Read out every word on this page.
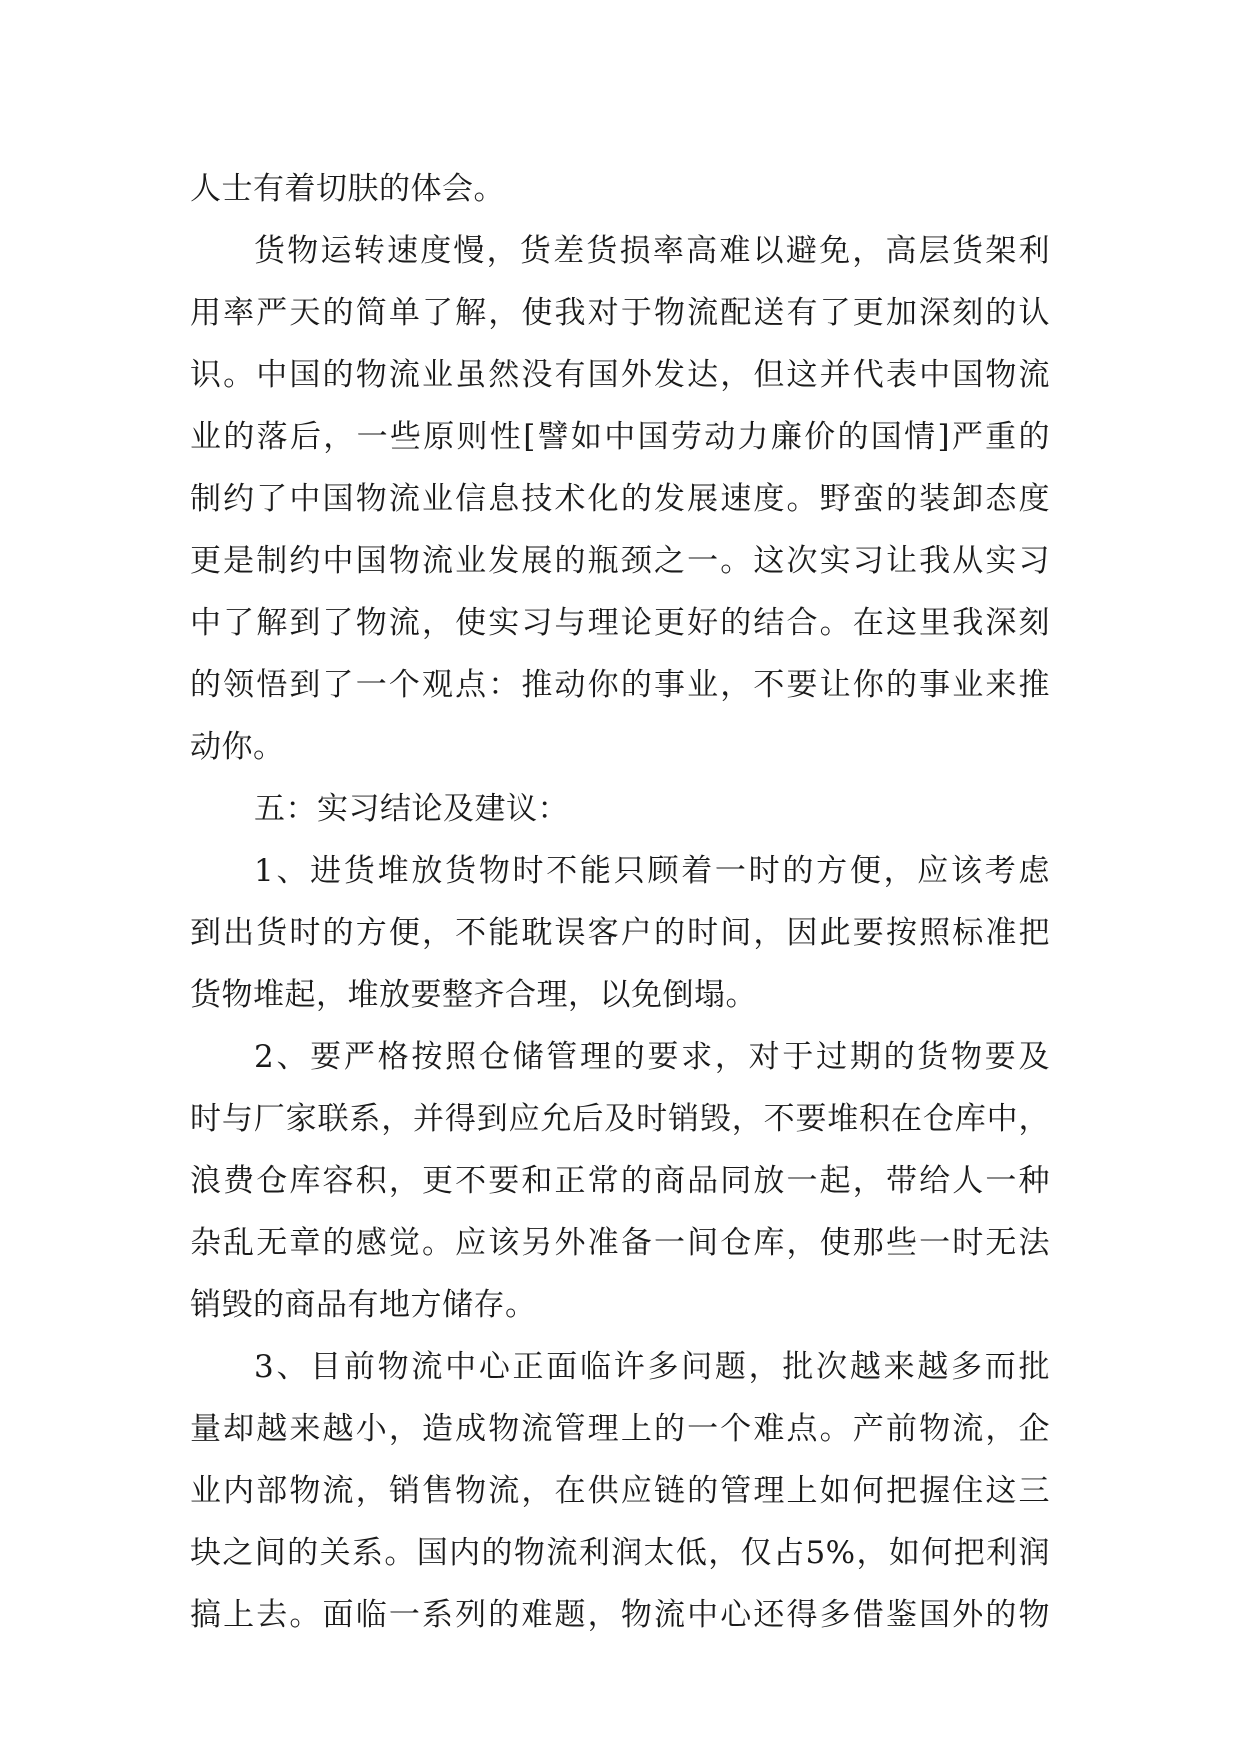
人士有着切肤的体会。
货物运转速度慢，货差货损率高难以避免，高层货架利
用率严天的简单了解，使我对于物流配送有了更加深刻的认
识。中国的物流业虽然没有国外发达，但这并代表中国物流
业的落后，一些原则性[譬如中国劳动力廉价的国情]严重的
制约了中国物流业信息技术化的发展速度。野蛮的装卸态度
更是制约中国物流业发展的瓶颈之一。这次实习让我从实习
中了解到了物流，使实习与理论更好的结合。在这里我深刻
的领悟到了一个观点：推动你的事业，不要让你的事业来推
动你。
五：实习结论及建议：
1、进货堆放货物时不能只顾着一时的方便，应该考虑
到出货时的方便，不能耽误客户的时间，因此要按照标准把
货物堆起，堆放要整齐合理，以免倒塌。
2、要严格按照仓储管理的要求，对于过期的货物要及
时与厂家联系，并得到应允后及时销毁，不要堆积在仓库中，
浪费仓库容积，更不要和正常的商品同放一起，带给人一种
杂乱无章的感觉。应该另外准备一间仓库，使那些一时无法
销毁的商品有地方储存。
3、目前物流中心正面临许多问题，批次越来越多而批
量却越来越小，造成物流管理上的一个难点。产前物流，企
业内部物流，销售物流，在供应链的管理上如何把握住这三
块之间的关系。国内的物流利润太低，仅占5%，如何把利润
搞上去。面临一系列的难题，物流中心还得多借鉴国外的物
